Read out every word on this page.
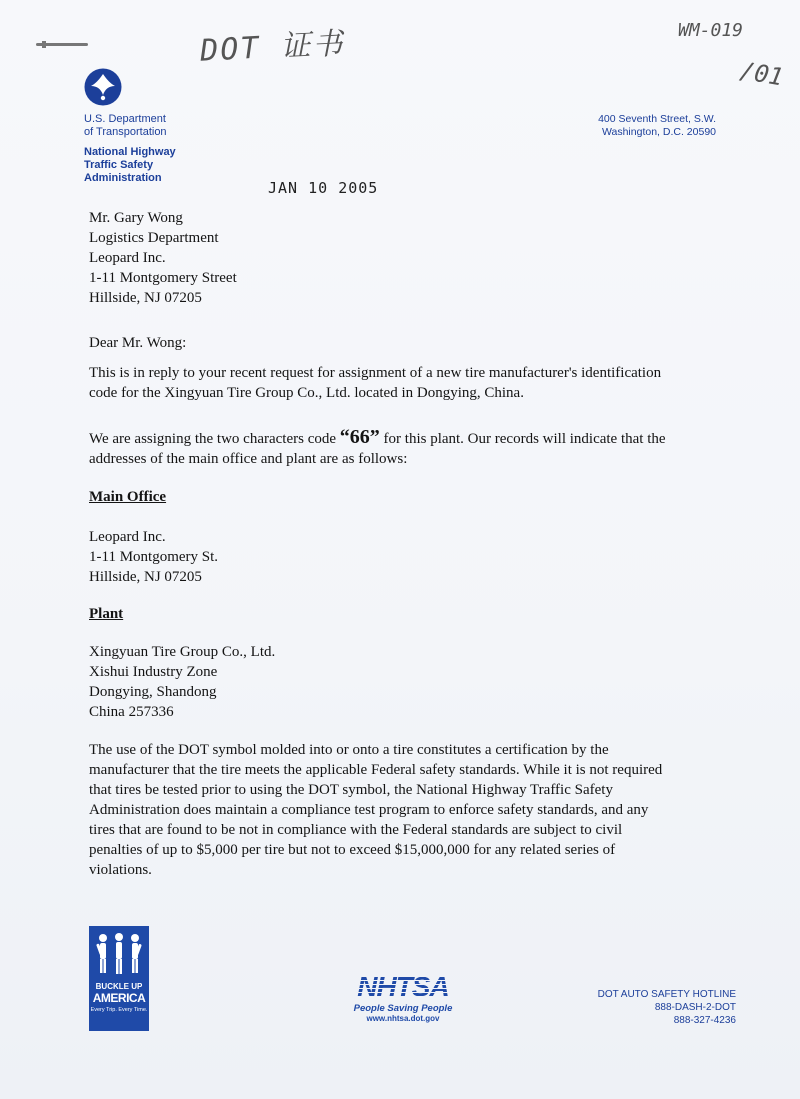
DOT 证书	WM-019
/01
U.S. Department
of Transportation
National Highway
Traffic Safety
Administration
400 Seventh Street, S.W.
Washington, D.C. 20590
JAN 10 2005
Mr. Gary Wong
Logistics Department
Leopard Inc.
1-11 Montgomery Street
Hillside, NJ 07205
Dear Mr. Wong:
This is in reply to your recent request for assignment of a new tire manufacturer's identification
code for the Xingyuan Tire Group Co., Ltd. located in Dongying, China.
We are assigning the two characters code “66” for this plant. Our records will indicate that the
addresses of the main office and plant are as follows:
Main Office
Leopard Inc.
1-11 Montgomery St.
Hillside, NJ 07205
Plant
Xingyuan Tire Group Co., Ltd.
Xishui Industry Zone
Dongying, Shandong
China 257336
The use of the DOT symbol molded into or onto a tire constitutes a certification by the
manufacturer that the tire meets the applicable Federal safety standards. While it is not required
that tires be tested prior to using the DOT symbol, the National Highway Traffic Safety
Administration does maintain a compliance test program to enforce safety standards, and any
tires that are found to be not in compliance with the Federal standards are subject to civil
penalties of up to $5,000 per tire but not to exceed $15,000,000 for any related series of
violations.
BUCKLE UP
AMERICA
Every Trip. Every Time.
NHTSA
People Saving People
www.nhtsa.dot.gov
DOT AUTO SAFETY HOTLINE
888-DASH-2-DOT
888-327-4236
